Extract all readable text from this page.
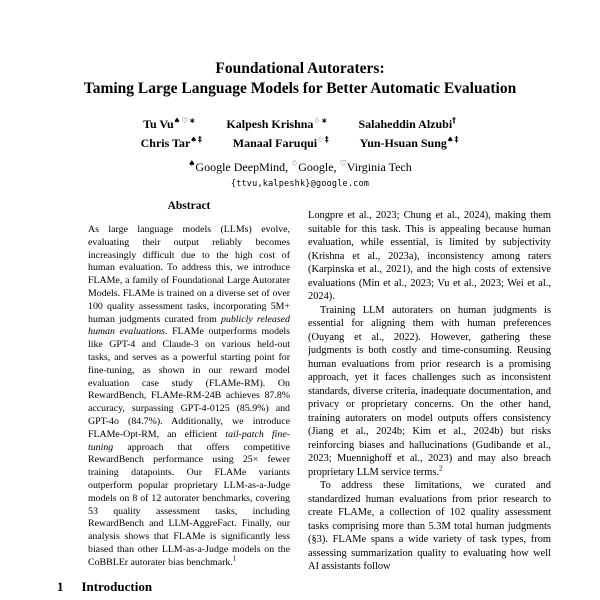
Foundational Autoraters:
Taming Large Language Models for Better Automatic Evaluation
Tu Vu♠♡∗	Kalpesh Krishna♢∗	Salaheddin Alzubi†
Chris Tar♠‡	Manaal Faruqui♢‡	Yun-Hsuan Sung♠‡
♠Google DeepMind, ♢Google, ♡Virginia Tech
{ttvu,kalpeshk}@google.com
Abstract

As large language models (LLMs) evolve, evaluating their output reliably becomes increasingly difficult due to the high cost of human evaluation. To address this, we introduce FLAMe, a family of Foundational Large Autorater Models. FLAMe is trained on a diverse set of over 100 quality assessment tasks, incorporating 5M+ human judgments curated from publicly released human evaluations. FLAMe outperforms models like GPT-4 and Claude-3 on various held-out tasks, and serves as a powerful starting point for fine-tuning, as shown in our reward model evaluation case study (FLAMe-RM). On RewardBench, FLAMe-RM-24B achieves 87.8% accuracy, surpassing GPT-4-0125 (85.9%) and GPT-4o (84.7%). Additionally, we introduce FLAMe-Opt-RM, an efficient tail-patch fine-tuning approach that offers competitive RewardBench performance using 25× fewer training datapoints. Our FLAMe variants outperform popular proprietary LLM-as-a-Judge models on 8 of 12 autorater benchmarks, covering 53 quality assessment tasks, including RewardBench and LLM-AggreFact. Finally, our analysis shows that FLAMe is significantly less biased than other LLM-as-a-Judge models on the CoBBLEr autorater bias benchmark.$^1$

1 Introduction

Longpre et al., 2023; Chung et al., 2024), making them suitable for this task. This is appealing because human evaluation, while essential, is limited by subjectivity (Krishna et al., 2023a), inconsistency among raters (Karpinska et al., 2021), and the high costs of extensive evaluations (Min et al., 2023; Vu et al., 2023; Wei et al., 2024).

Training LLM autoraters on human judgments is essential for aligning them with human preferences (Ouyang et al., 2022). However, gathering these judgments is both costly and time-consuming. Reusing human evaluations from prior research is a promising approach, yet it faces challenges such as inconsistent standards, diverse criteria, inadequate documentation, and privacy or proprietary concerns. On the other hand, training autoraters on model outputs offers consistency (Jiang et al., 2024b; Kim et al., 2024b) but risks reinforcing biases and hallucinations (Gudibande et al., 2023; Muennighoff et al., 2023) and may also breach proprietary LLM service terms.$^2$

To address these limitations, we curated and standardized human evaluations from prior research to create FLAMe, a collection of 102 quality assessment tasks comprising more than 5.3M total human judgments (§3). FLAMe spans a wide variety of task types, from assessing summarization quality to evaluating how well AI assistants follow
